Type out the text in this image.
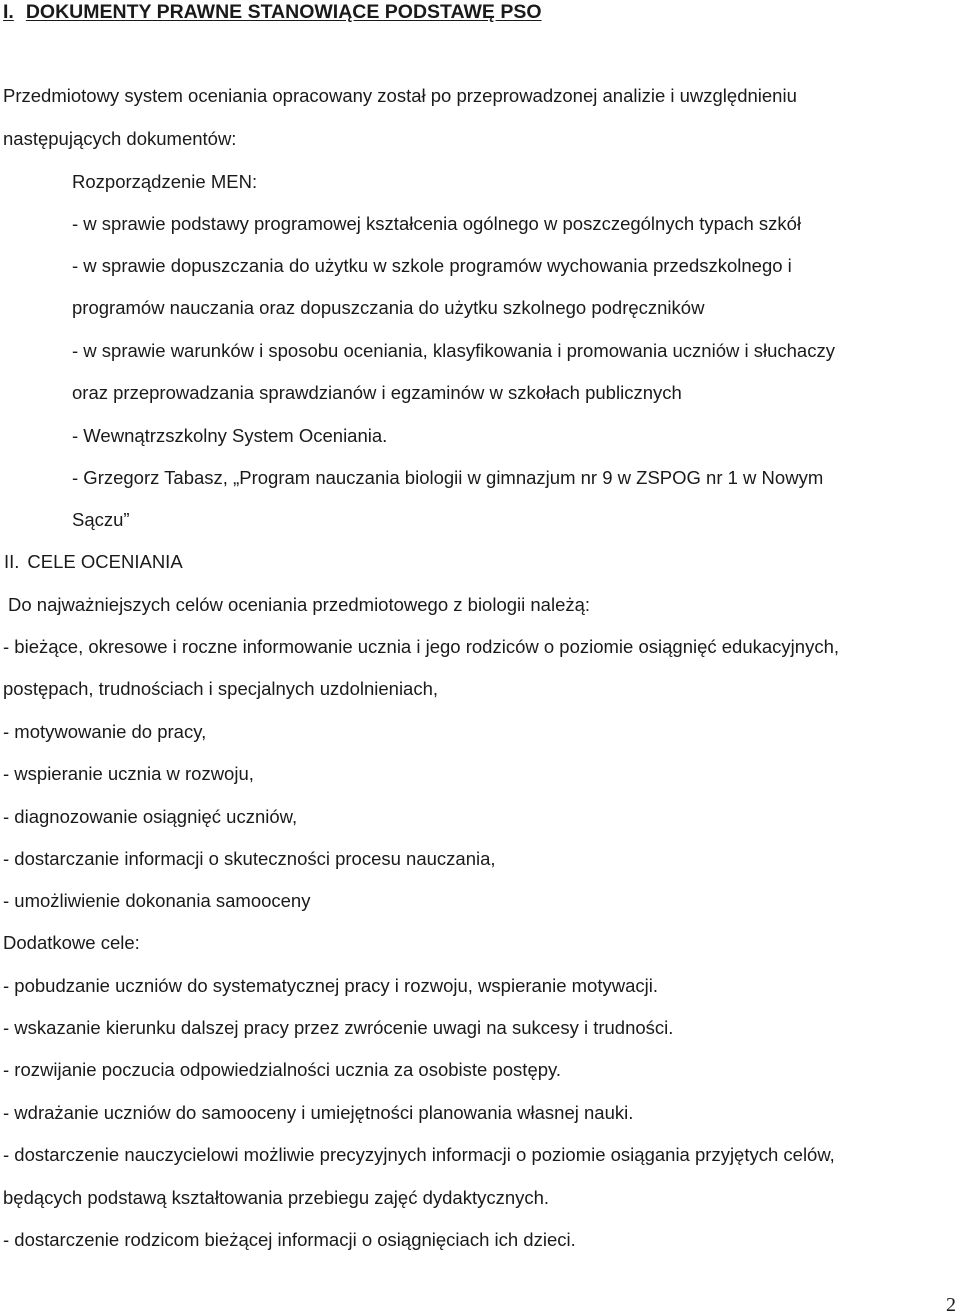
I. DOKUMENTY PRAWNE STANOWIĄCE PODSTAWĘ PSO
Przedmiotowy system oceniania opracowany został po przeprowadzonej analizie i uwzględnieniu
następujących dokumentów:
Rozporządzenie MEN:
- w sprawie podstawy programowej kształcenia ogólnego w poszczególnych typach szkół
- w sprawie dopuszczania do użytku w szkole programów wychowania przedszkolnego i
programów nauczania oraz dopuszczania do użytku szkolnego podręczników
- w sprawie warunków i sposobu oceniania, klasyfikowania i promowania uczniów i słuchaczy
oraz przeprowadzania sprawdzianów i egzaminów w szkołach publicznych
- Wewnątrzszkolny System Oceniania.
- Grzegorz Tabasz, „Program nauczania biologii w gimnazjum nr 9 w ZSPOG nr 1 w Nowym
Sączu”
II. CELE OCENIANIA
Do najważniejszych celów oceniania przedmiotowego z biologii należą:
- bieżące, okresowe i roczne informowanie ucznia i jego rodziców o poziomie osiągnięć edukacyjnych,
postępach, trudnościach i specjalnych uzdolnieniach,
- motywowanie do pracy,
- wspieranie ucznia w rozwoju,
- diagnozowanie osiągnięć uczniów,
- dostarczanie informacji o skuteczności procesu nauczania,
- umożliwienie dokonania samooceny
Dodatkowe cele:
- pobudzanie uczniów do systematycznej pracy i rozwoju, wspieranie motywacji.
- wskazanie kierunku dalszej pracy przez zwrócenie uwagi na sukcesy i trudności.
- rozwijanie poczucia odpowiedzialności ucznia za osobiste postępy.
- wdrażanie uczniów do samooceny i umiejętności planowania własnej nauki.
- dostarczenie nauczycielowi możliwie precyzyjnych informacji o poziomie osiągania przyjętych celów,
będących podstawą kształtowania przebiegu zajęć dydaktycznych.
- dostarczenie rodzicom bieżącej informacji o osiągnięciach ich dzieci.
2
